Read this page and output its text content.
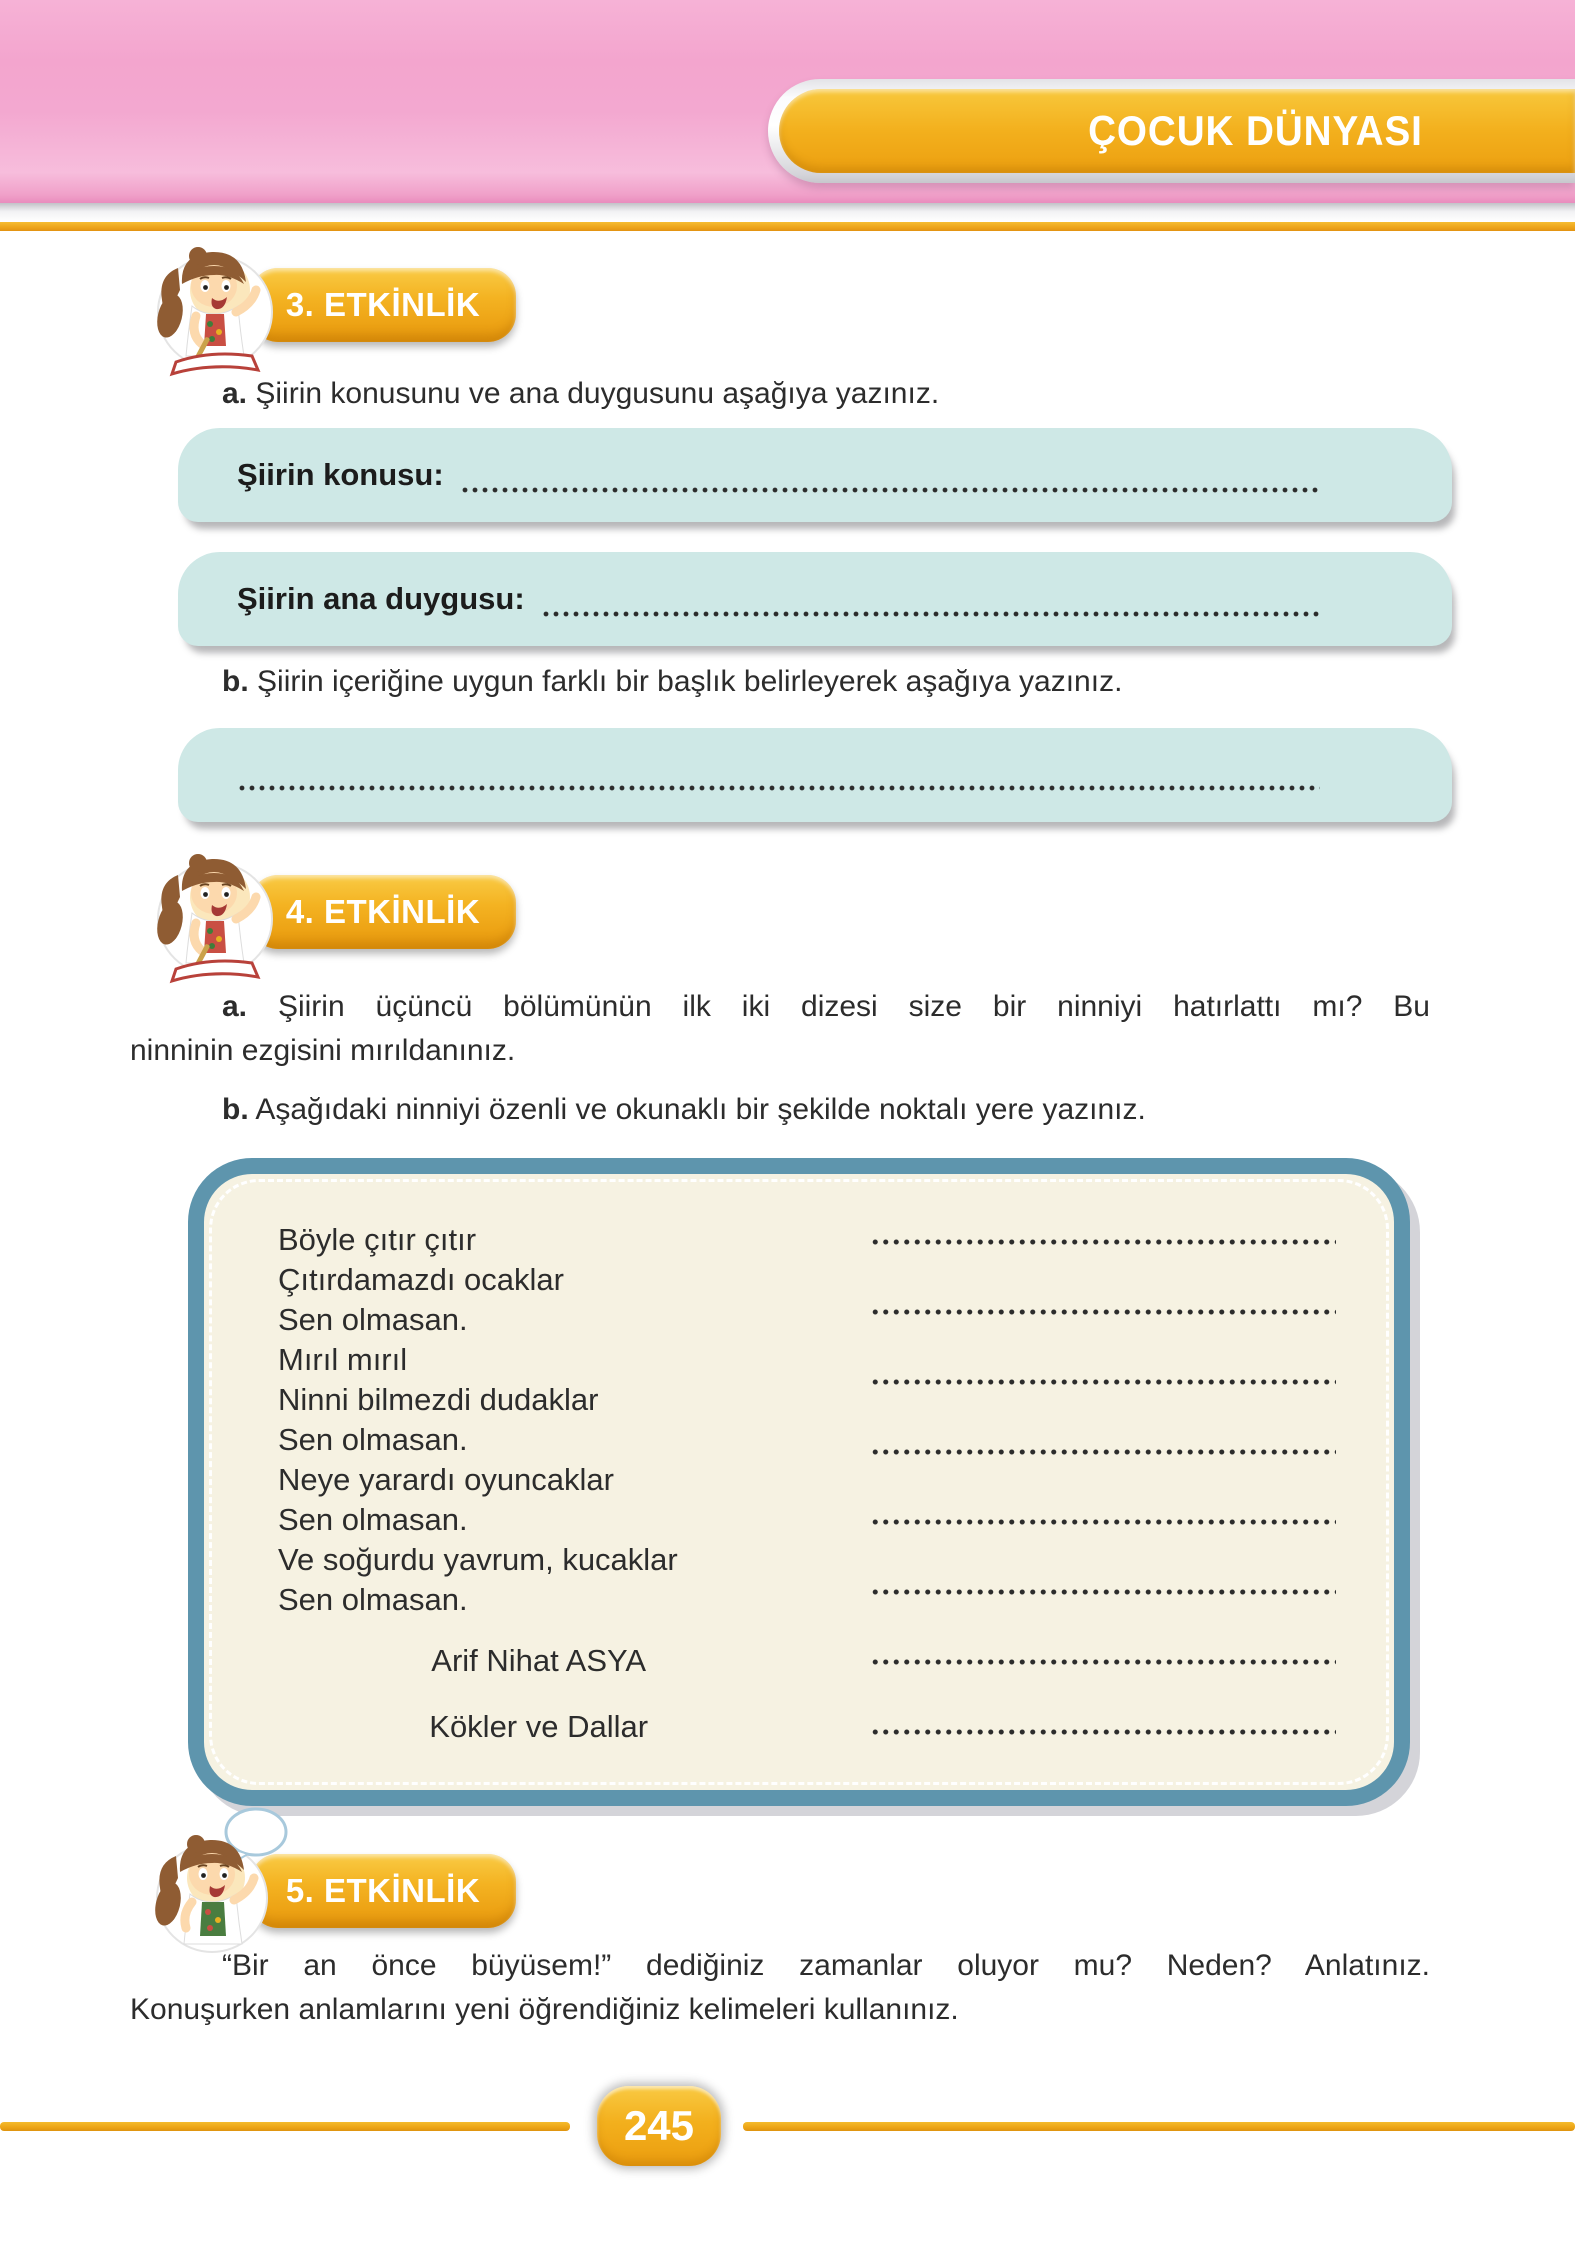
ÇOCUK DÜNYASI
3. ETKİNLİK
a. Şiirin konusunu ve ana duygusunu aşağıya yazınız.
Şiirin konusu:
Şiirin ana duygusu:
b. Şiirin içeriğine uygun farklı bir başlık belirleyerek aşağıya yazınız.
4. ETKİNLİK
a. Şiirin üçüncü bölümünün ilk iki dizesi size bir ninniyi hatırlattı mı? Bu
ninninin ezgisini mırıldanınız.
b. Aşağıdaki ninniyi özenli ve okunaklı bir şekilde noktalı yere yazınız.
Böyle çıtır çıtır
Çıtırdamazdı ocaklar
Sen olmasan.
Mırıl mırıl
Ninni bilmezdi dudaklar
Sen olmasan.
Neye yarardı oyuncaklar
Sen olmasan.
Ve soğurdu yavrum, kucaklar
Sen olmasan.
Arif Nihat ASYA
Kökler ve Dallar
5. ETKİNLİK
“Bir an önce büyüsem!” dediğiniz zamanlar oluyor mu? Neden? Anlatınız.
Konuşurken anlamlarını yeni öğrendiğiniz kelimeleri kullanınız.
245
